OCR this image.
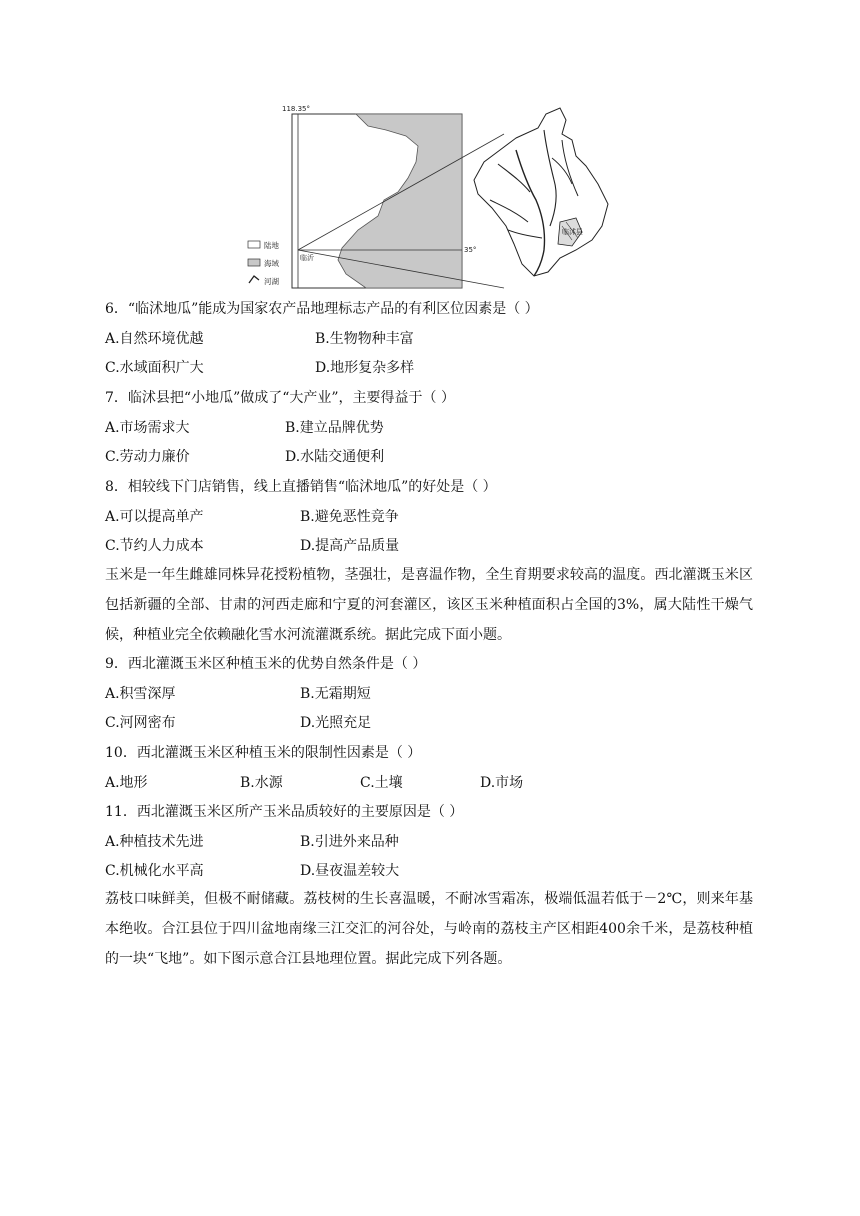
陆地
海域
河湖
118.35°
35°
临沂
临沭县
6．“临沭地瓜”能成为国家农产品地理标志产品的有利区位因素是（ ）
A.自然环境优越	B.生物物种丰富
C.水域面积广大	D.地形复杂多样
7．临沭县把“小地瓜”做成了“大产业”，主要得益于（ ）
A.市场需求大	B.建立品牌优势
C.劳动力廉价	D.水陆交通便利
8．相较线下门店销售，线上直播销售“临沭地瓜”的好处是（ ）
A.可以提高单产	B.避免恶性竞争
C.节约人力成本	D.提高产品质量
玉米是一年生雌雄同株异花授粉植物，茎强壮，是喜温作物，全生育期要求较高的温度。西北灌溉玉米区包括新疆的全部、甘肃的河西走廊和宁夏的河套灌区，该区玉米种植面积占全国的3%，属大陆性干燥气候，种植业完全依赖融化雪水河流灌溉系统。据此完成下面小题。
9．西北灌溉玉米区种植玉米的优势自然条件是（ ）
A.积雪深厚	B.无霜期短
C.河网密布	D.光照充足
10．西北灌溉玉米区种植玉米的限制性因素是（ ）
A.地形	B.水源	C.土壤	D.市场
11．西北灌溉玉米区所产玉米品质较好的主要原因是（ ）
A.种植技术先进	B.引进外来品种
C.机械化水平高	D.昼夜温差较大
荔枝口味鲜美，但极不耐储藏。荔枝树的生长喜温暖，不耐冰雪霜冻，极端低温若低于－2℃，则来年基本绝收。合江县位于四川盆地南缘三江交汇的河谷处，与岭南的荔枝主产区相距400余千米，是荔枝种植的一块“飞地”。如下图示意合江县地理位置。据此完成下列各题。
